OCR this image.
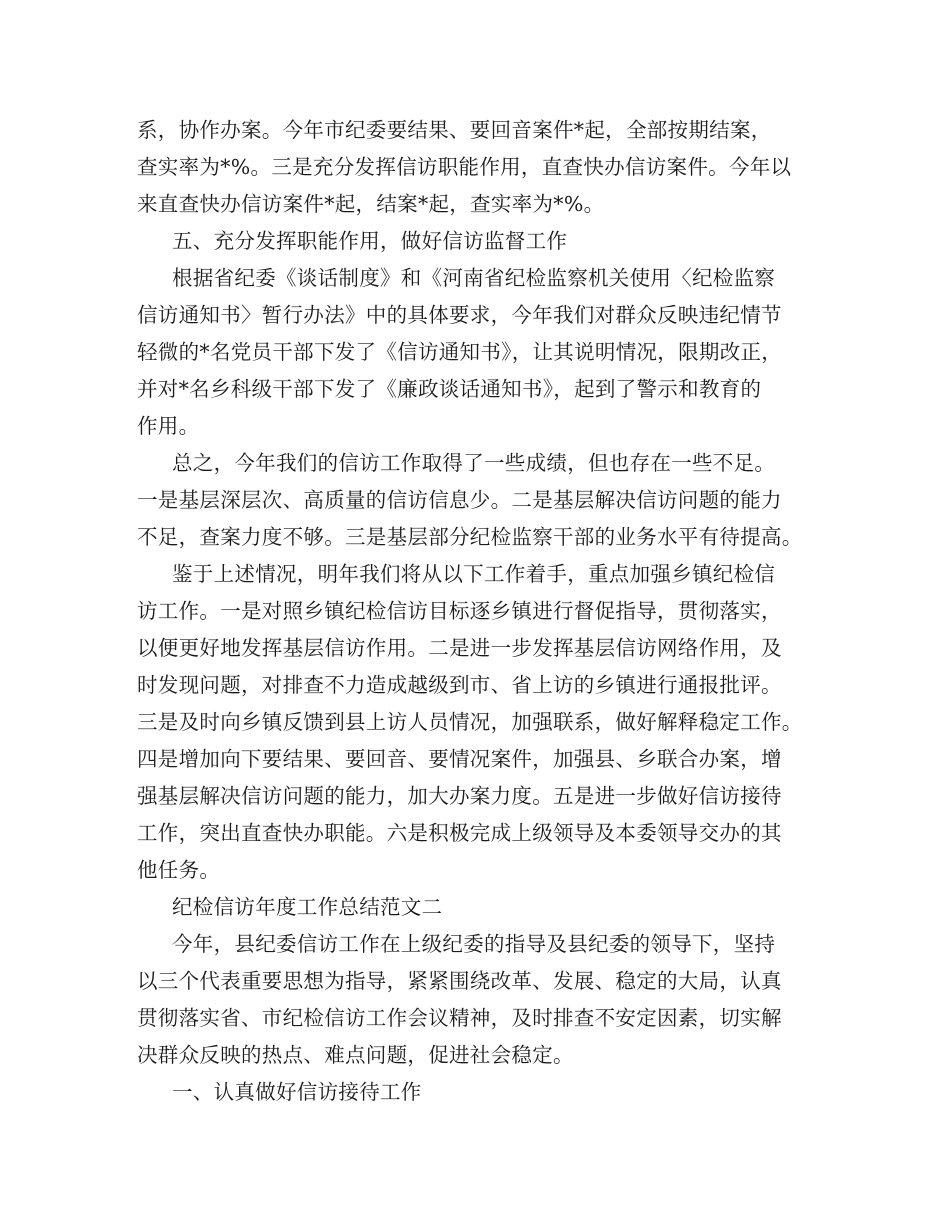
系，协作办案。今年市纪委要结果、要回音案件*起，全部按期结案，
查实率为*%。三是充分发挥信访职能作用，直查快办信访案件。今年以
来直查快办信访案件*起，结案*起，查实率为*%。
五、充分发挥职能作用，做好信访监督工作
根据省纪委《谈话制度》和《河南省纪检监察机关使用〈纪检监察
信访通知书〉暂行办法》中的具体要求，今年我们对群众反映违纪情节
轻微的*名党员干部下发了《信访通知书》，让其说明情况，限期改正，
并对*名乡科级干部下发了《廉政谈话通知书》，起到了警示和教育的
作用。
总之，今年我们的信访工作取得了一些成绩，但也存在一些不足。
一是基层深层次、高质量的信访信息少。二是基层解决信访问题的能力
不足，查案力度不够。三是基层部分纪检监察干部的业务水平有待提高。
鉴于上述情况，明年我们将从以下工作着手，重点加强乡镇纪检信
访工作。一是对照乡镇纪检信访目标逐乡镇进行督促指导，贯彻落实，
以便更好地发挥基层信访作用。二是进一步发挥基层信访网络作用，及
时发现问题，对排查不力造成越级到市、省上访的乡镇进行通报批评。
三是及时向乡镇反馈到县上访人员情况，加强联系，做好解释稳定工作。
四是增加向下要结果、要回音、要情况案件，加强县、乡联合办案，增
强基层解决信访问题的能力，加大办案力度。五是进一步做好信访接待
工作，突出直查快办职能。六是积极完成上级领导及本委领导交办的其
他任务。
纪检信访年度工作总结范文二
今年，县纪委信访工作在上级纪委的指导及县纪委的领导下，坚持
以三个代表重要思想为指导，紧紧围绕改革、发展、稳定的大局，认真
贯彻落实省、市纪检信访工作会议精神，及时排查不安定因素，切实解
决群众反映的热点、难点问题，促进社会稳定。
一、认真做好信访接待工作
